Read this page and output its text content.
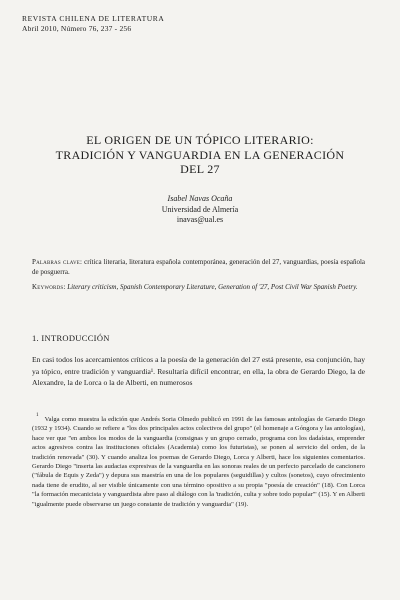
REVISTA CHILENA DE LITERATURA
Abril 2010, Número 76, 237 - 256
EL ORIGEN DE UN TÓPICO LITERARIO:
TRADICIÓN Y VANGUARDIA EN LA GENERACIÓN
DEL 27
Isabel Navas Ocaña
Universidad de Almería
inavas@ual.es
Palabras clave: crítica literaria, literatura española contemporánea, generación del 27, vanguardias, poesía española de posguerra.
Keywords: Literary criticism, Spanish Contemporary Literature, Generation of '27, Post Civil War Spanish Poetry.
1. INTRODUCCIÓN

En casi todos los acercamientos críticos a la poesía de la generación del 27 está presente, esa conjunción, hay ya tópico, entre tradición y vanguardia¹. Resultaría difícil encontrar, en ella, la obra de Gerardo Diego, la de Alexandre, la de Lorca o la de Alberti, en numerosos

$^1$Valga como muestra la edición que Andrés Soria Olmedo publicó en 1991 de las famosas antologías de Gerardo Diego (1932 y 1934). Cuando se refiere a "los dos principales actos colectivos del grupo" (el homenaje a Góngora y las antologías), hace ver que "en ambos los modos de la vanguardia (consignas y un grupo cerrado, programa con los dadaístas, emprender actos agresivos contra las instituciones oficiales (Academia) como los futuristas), se ponen al servicio del orden, de la tradición renovada" (30). Y cuando analiza los poemas de Gerardo Diego, Lorca y Alberti, hace los siguientes comentarios. Gerardo Diego "inserta las audacias expresivas de la vanguardia en las sonoras reales de un perfecto parcelado de cancionero ("fábula de Equis y Zeda") y depura sus maestría en una de los populares (seguidillas) y cultos (sonetos), cuyo ofrecimiento nada tiene de erudito, al ser visible únicamente con una término opositivo a su propia "poesía de creación" (18). Con Lorca "la formación mecanicista y vanguardista abre paso al diálogo con la 'tradición, culta y sobre todo popular'" (15). Y en Alberti "igualmente puede observarse un juego constante de tradición y vanguardia" (19).
